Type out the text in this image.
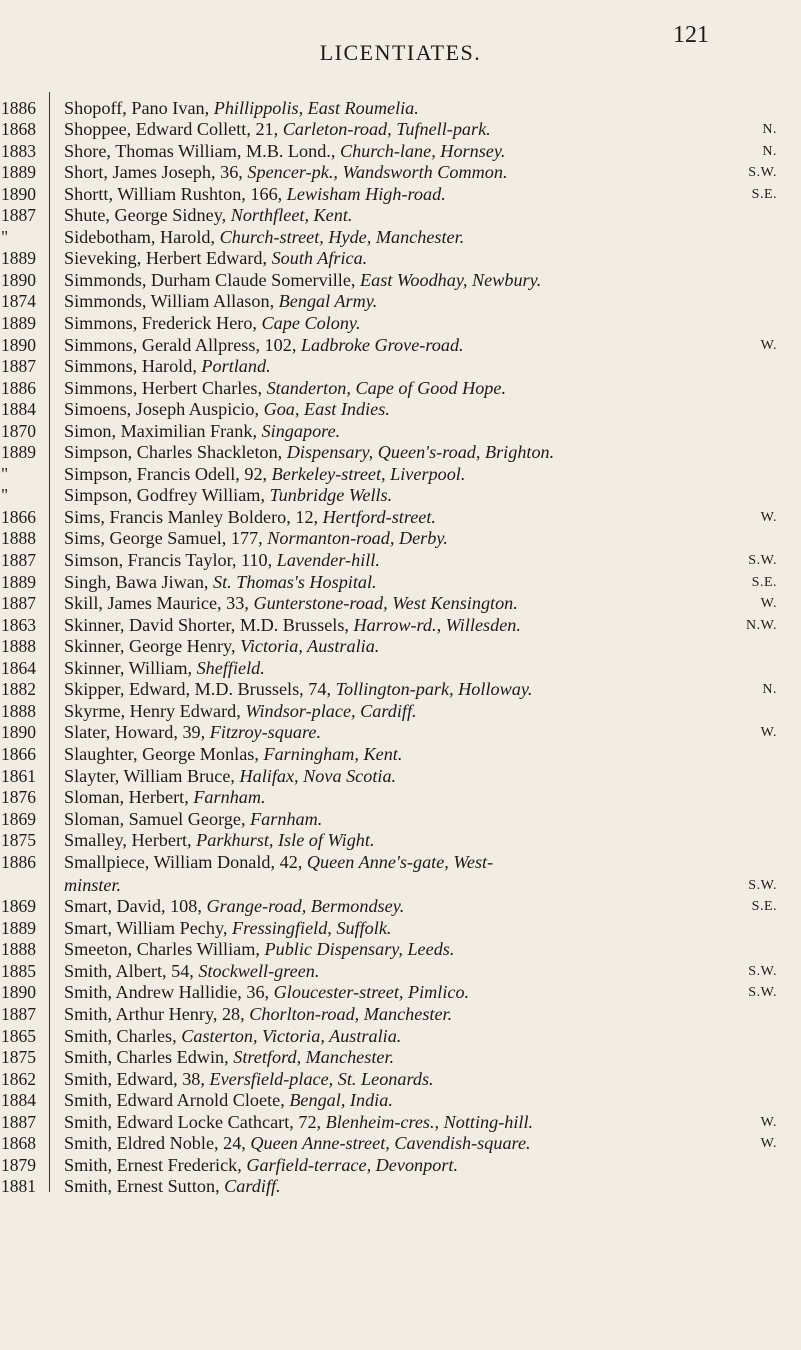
LICENTIATES.
121
1886	Shopoff, Pano Ivan, Phillippolis, East Roumelia.
1868	Shoppee, Edward Collett, 21, Carleton-road, Tufnell-park.	N.
1883	Shore, Thomas William, M.B. Lond., Church-lane, Hornsey.	N.
1889	Short, James Joseph, 36, Spencer-pk., Wandsworth Common.	S.W.
1890	Shortt, William Rushton, 166, Lewisham High-road.	S.E.
1887	Shute, George Sidney, Northfleet, Kent.
"	Sidebotham, Harold, Church-street, Hyde, Manchester.
1889	Sieveking, Herbert Edward, South Africa.
1890	Simmonds, Durham Claude Somerville, East Woodhay, Newbury.
1874	Simmonds, William Allason, Bengal Army.
1889	Simmons, Frederick Hero, Cape Colony.
1890	Simmons, Gerald Allpress, 102, Ladbroke Grove-road.	W.
1887	Simmons, Harold, Portland.
1886	Simmons, Herbert Charles, Standerton, Cape of Good Hope.
1884	Simoens, Joseph Auspicio, Goa, East Indies.
1870	Simon, Maximilian Frank, Singapore.
1889	Simpson, Charles Shackleton, Dispensary, Queen's-road, Brighton.
"	Simpson, Francis Odell, 92, Berkeley-street, Liverpool.
"	Simpson, Godfrey William, Tunbridge Wells.
1866	Sims, Francis Manley Boldero, 12, Hertford-street.	W.
1888	Sims, George Samuel, 177, Normanton-road, Derby.
1887	Simson, Francis Taylor, 110, Lavender-hill.	S.W.
1889	Singh, Bawa Jiwan, St. Thomas's Hospital.	S.E.
1887	Skill, James Maurice, 33, Gunterstone-road, West Kensington.	W.
1863	Skinner, David Shorter, M.D. Brussels, Harrow-rd., Willesden.	N.W.
1888	Skinner, George Henry, Victoria, Australia.
1864	Skinner, William, Sheffield.
1882	Skipper, Edward, M.D. Brussels, 74, Tollington-park, Holloway.	N.
1888	Skyrme, Henry Edward, Windsor-place, Cardiff.
1890	Slater, Howard, 39, Fitzroy-square.	W.
1866	Slaughter, George Monlas, Farningham, Kent.
1861	Slayter, William Bruce, Halifax, Nova Scotia.
1876	Sloman, Herbert, Farnham.
1869	Sloman, Samuel George, Farnham.
1875	Smalley, Herbert, Parkhurst, Isle of Wight.
1886	Smallpiece, William Donald, 42, Queen Anne's-gate, West-
minster.	S.W.
1869	Smart, David, 108, Grange-road, Bermondsey.	S.E.
1889	Smart, William Pechy, Fressingfield, Suffolk.
1888	Smeeton, Charles William, Public Dispensary, Leeds.
1885	Smith, Albert, 54, Stockwell-green.	S.W.
1890	Smith, Andrew Hallidie, 36, Gloucester-street, Pimlico.	S.W.
1887	Smith, Arthur Henry, 28, Chorlton-road, Manchester.
1865	Smith, Charles, Casterton, Victoria, Australia.
1875	Smith, Charles Edwin, Stretford, Manchester.
1862	Smith, Edward, 38, Eversfield-place, St. Leonards.
1884	Smith, Edward Arnold Cloete, Bengal, India.
1887	Smith, Edward Locke Cathcart, 72, Blenheim-cres., Notting-hill.	W.
1868	Smith, Eldred Noble, 24, Queen Anne-street, Cavendish-square.	W.
1879	Smith, Ernest Frederick, Garfield-terrace, Devonport.
1881	Smith, Ernest Sutton, Cardiff.
